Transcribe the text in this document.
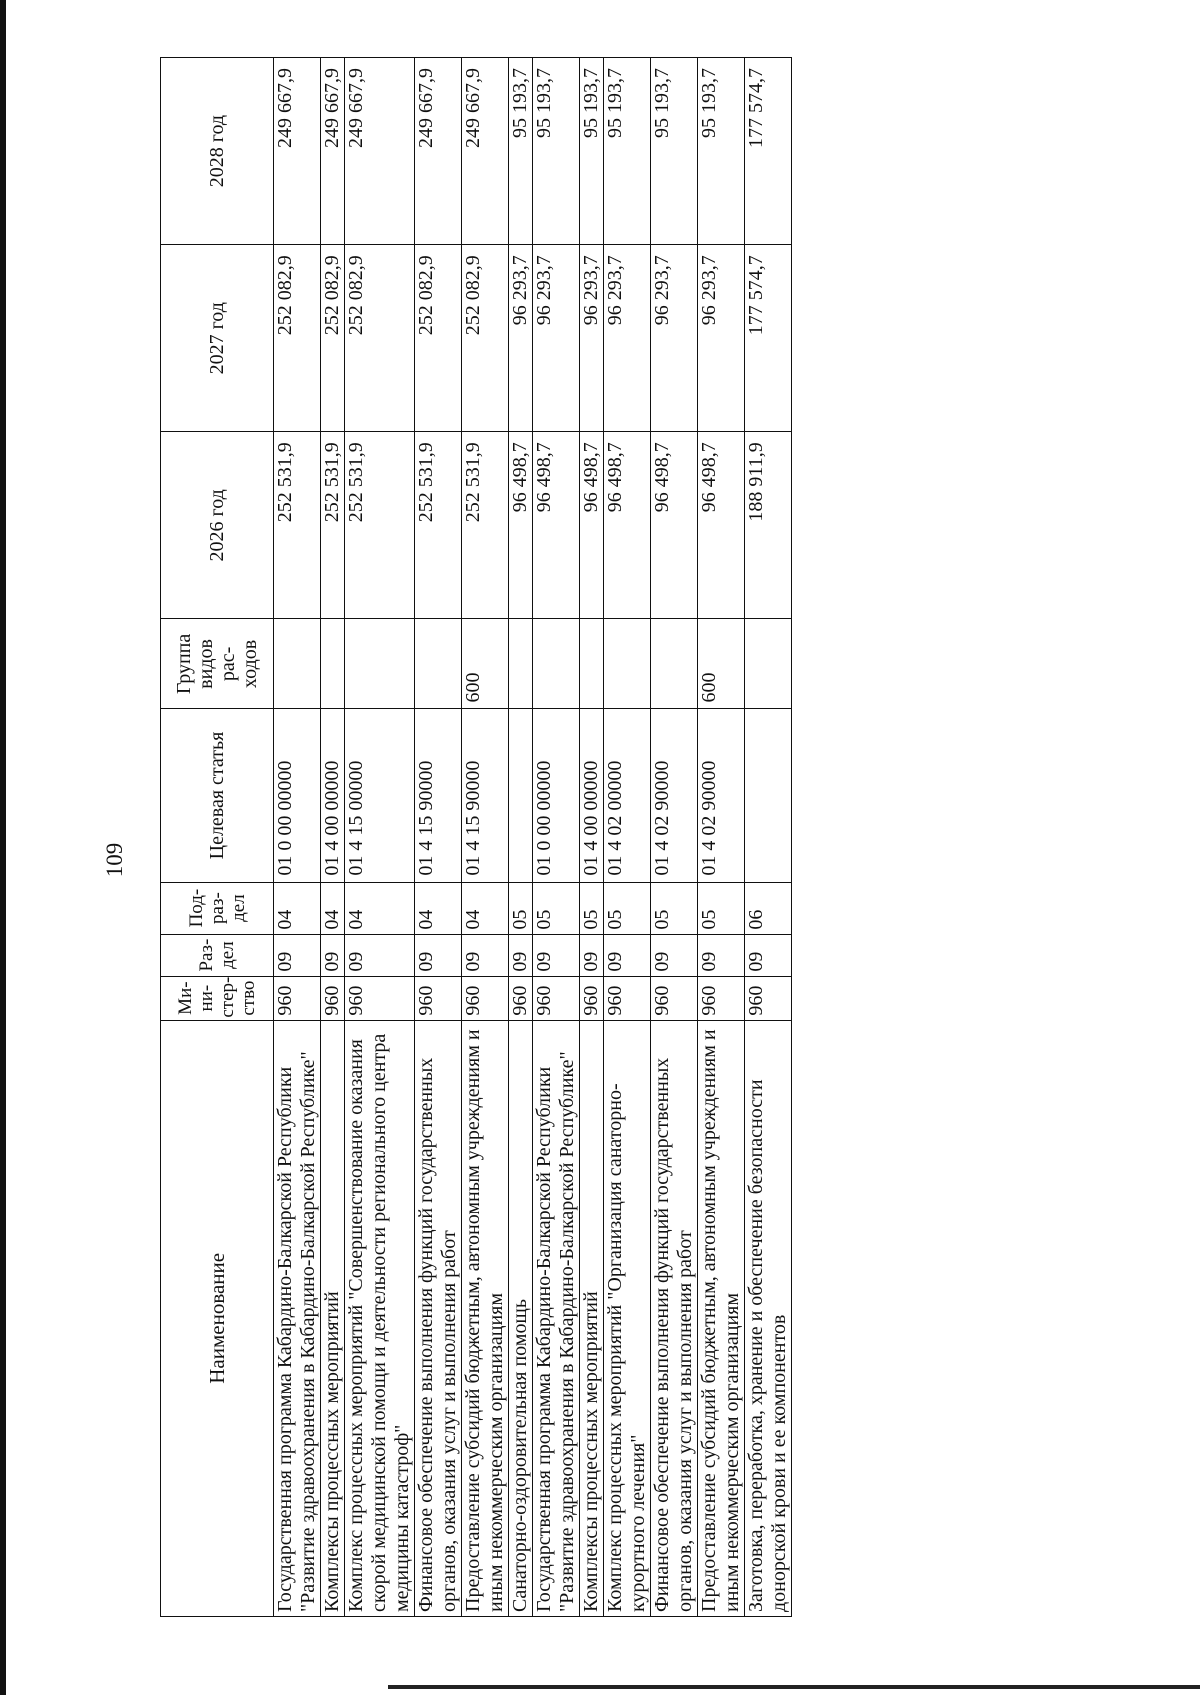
109
Наименование	Ми- ни- стер- ство	Раз- дел	Под- раз- дел	Целевая статья	Группа видов рас- ходов	2026 год	2027 год	2028 год
Государственная программа Кабардино-Балкарской Республики "Развитие здравоохранения в Кабардино-Балкарской Республике"	960	09	04	01 0 00 00000		252 531,9	252 082,9	249 667,9
Комплексы процессных мероприятий	960	09	04	01 4 00 00000		252 531,9	252 082,9	249 667,9
Комплекс процессных мероприятий "Совершенствование оказания скорой медицинской помощи и деятельности регионального центра медицины катастроф"	960	09	04	01 4 15 00000		252 531,9	252 082,9	249 667,9
Финансовое обеспечение выполнения функций государственных органов, оказания услуг и выполнения работ	960	09	04	01 4 15 90000		252 531,9	252 082,9	249 667,9
Предоставление субсидий бюджетным, автономным учреждениям и иным некоммерческим организациям	960	09	04	01 4 15 90000	600	252 531,9	252 082,9	249 667,9
Санаторно-оздоровительная помощь	960	09	05			96 498,7	96 293,7	95 193,7
Государственная программа Кабардино-Балкарской Республики "Развитие здравоохранения в Кабардино-Балкарской Республике"	960	09	05	01 0 00 00000		96 498,7	96 293,7	95 193,7
Комплексы процессных мероприятий	960	09	05	01 4 00 00000		96 498,7	96 293,7	95 193,7
Комплекс процессных мероприятий "Организация санаторно-курортного лечения"	960	09	05	01 4 02 00000		96 498,7	96 293,7	95 193,7
Финансовое обеспечение выполнения функций государственных органов, оказания услуг и выполнения работ	960	09	05	01 4 02 90000		96 498,7	96 293,7	95 193,7
Предоставление субсидий бюджетным, автономным учреждениям и иным некоммерческим организациям	960	09	05	01 4 02 90000	600	96 498,7	96 293,7	95 193,7
Заготовка, переработка, хранение и обеспечение безопасности донорской крови и ее компонентов	960	09	06			188 911,9	177 574,7	177 574,7
